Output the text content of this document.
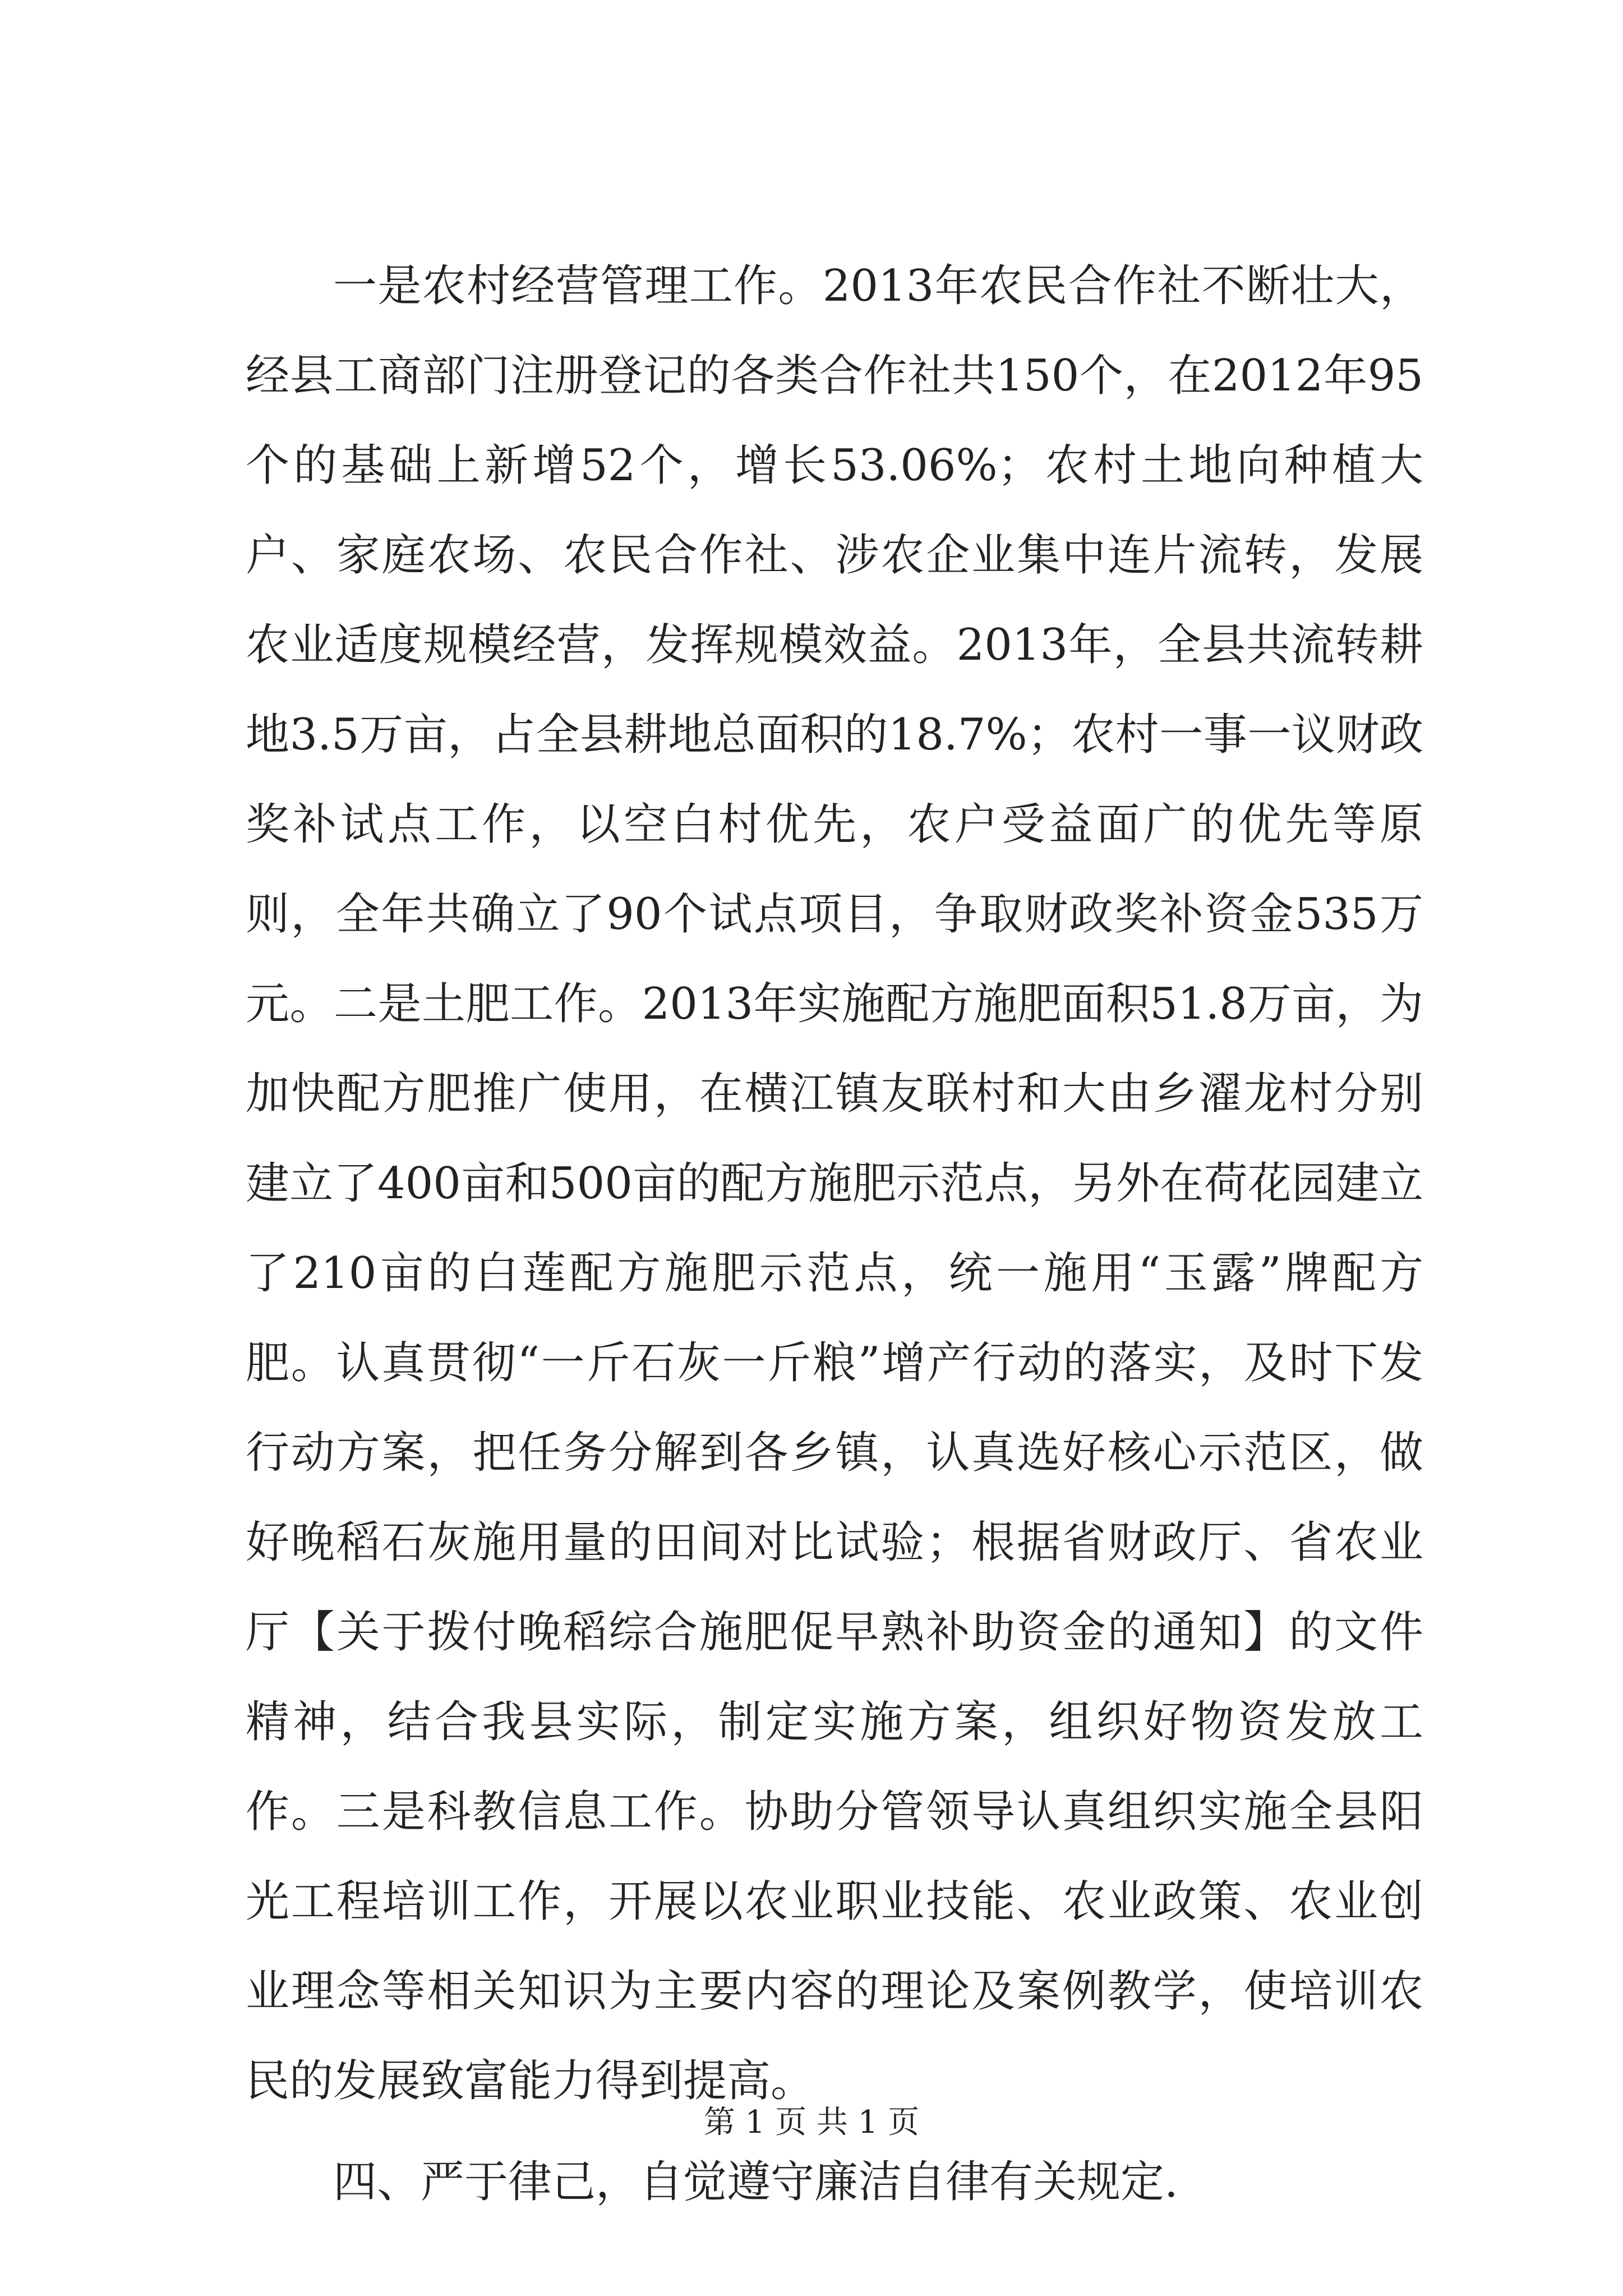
一是农村经营管理工作。2013年农民合作社不断壮大，经县工商部门注册登记的各类合作社共150个，在2012年95个的基础上新增52个，增长53.06%；农村土地向种植大户、家庭农场、农民合作社、涉农企业集中连片流转，发展农业适度规模经营，发挥规模效益。2013年，全县共流转耕地3.5万亩，占全县耕地总面积的18.7%；农村一事一议财政奖补试点工作，以空白村优先，农户受益面广的优先等原则，全年共确立了90个试点项目，争取财政奖补资金535万元。二是土肥工作。2013年实施配方施肥面积51.8万亩，为加快配方肥推广使用，在横江镇友联村和大由乡濯龙村分别建立了400亩和500亩的配方施肥示范点，另外在荷花园建立了210亩的白莲配方施肥示范点，统一施用“玉露”牌配方肥。认真贯彻“一斤石灰一斤粮”增产行动的落实，及时下发行动方案，把任务分解到各乡镇，认真选好核心示范区，做好晚稻石灰施用量的田间对比试验；根据省财政厅、省农业厅【关于拨付晚稻综合施肥促早熟补助资金的通知】的文件精神，结合我县实际，制定实施方案，组织好物资发放工作。三是科教信息工作。协助分管领导认真组织实施全县阳光工程培训工作，开展以农业职业技能、农业政策、农业创业理念等相关知识为主要内容的理论及案例教学，使培训农民的发展致富能力得到提高。

四、严于律己，自觉遵守廉洁自律有关规定.

第 1 页 共 1 页
